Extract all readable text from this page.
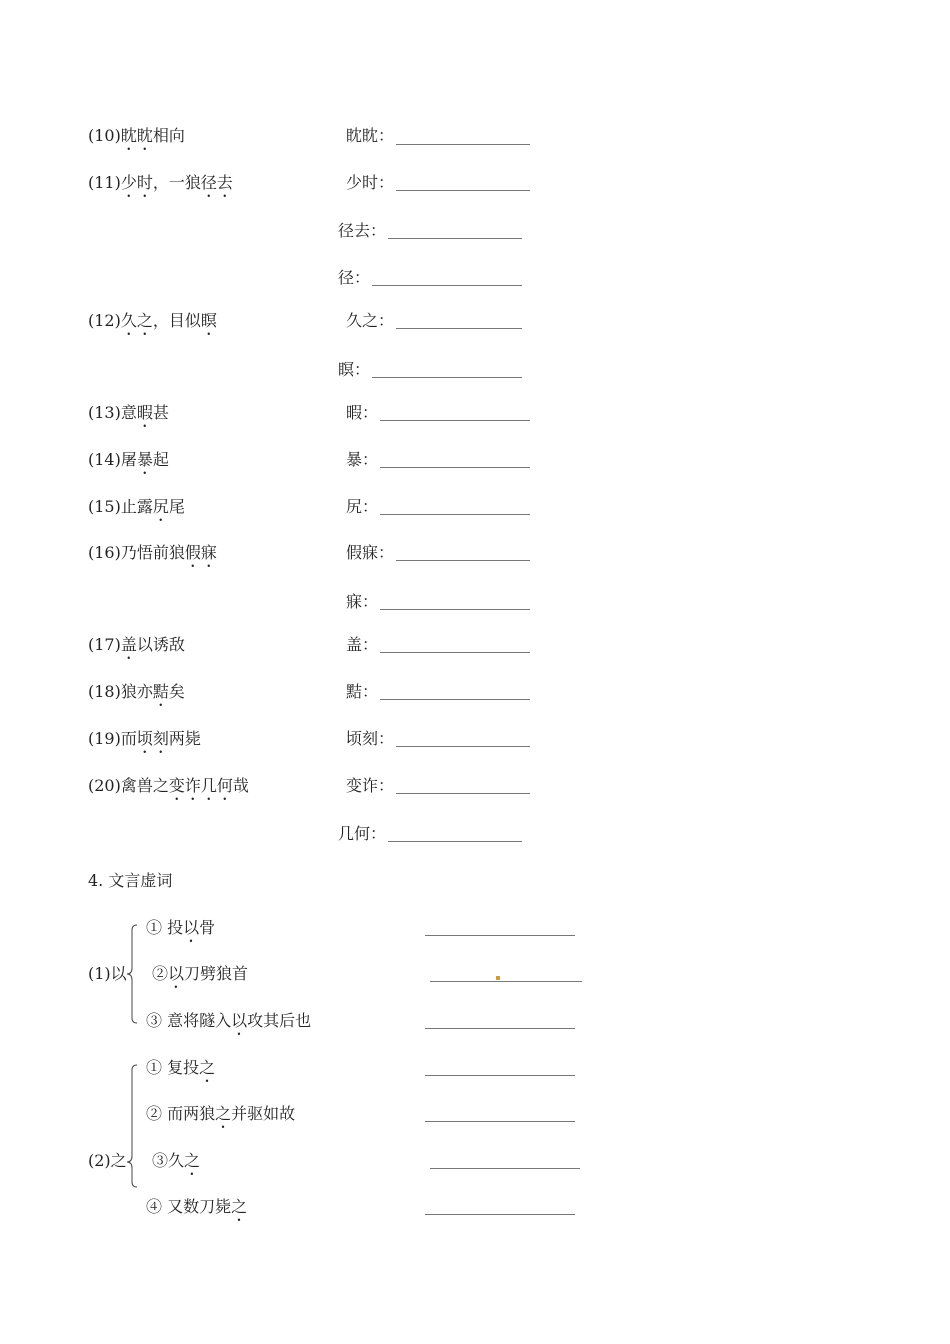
(10)眈眈相向	眈眈：
(11)少时，一狼径去	少时：
径去：
径：
(12)久之，目似瞑	久之：
瞑：
(13)意暇甚	暇：
(14)屠暴起	暴：
(15)止露尻尾	尻：
(16)乃悟前狼假寐	假寐：
寐：
(17)盖以诱敌	盖：
(18)狼亦黠矣	黠：
(19)而顷刻两毙	顷刻：
(20)禽兽之变诈几何哉	变诈：
几何：
4. 文言虚词
(1)以
① 投以骨
②以刀劈狼首
③ 意将隧入以攻其后也
(2)之
① 复投之
② 而两狼之并驱如故
③久之
④ 又数刀毙之
